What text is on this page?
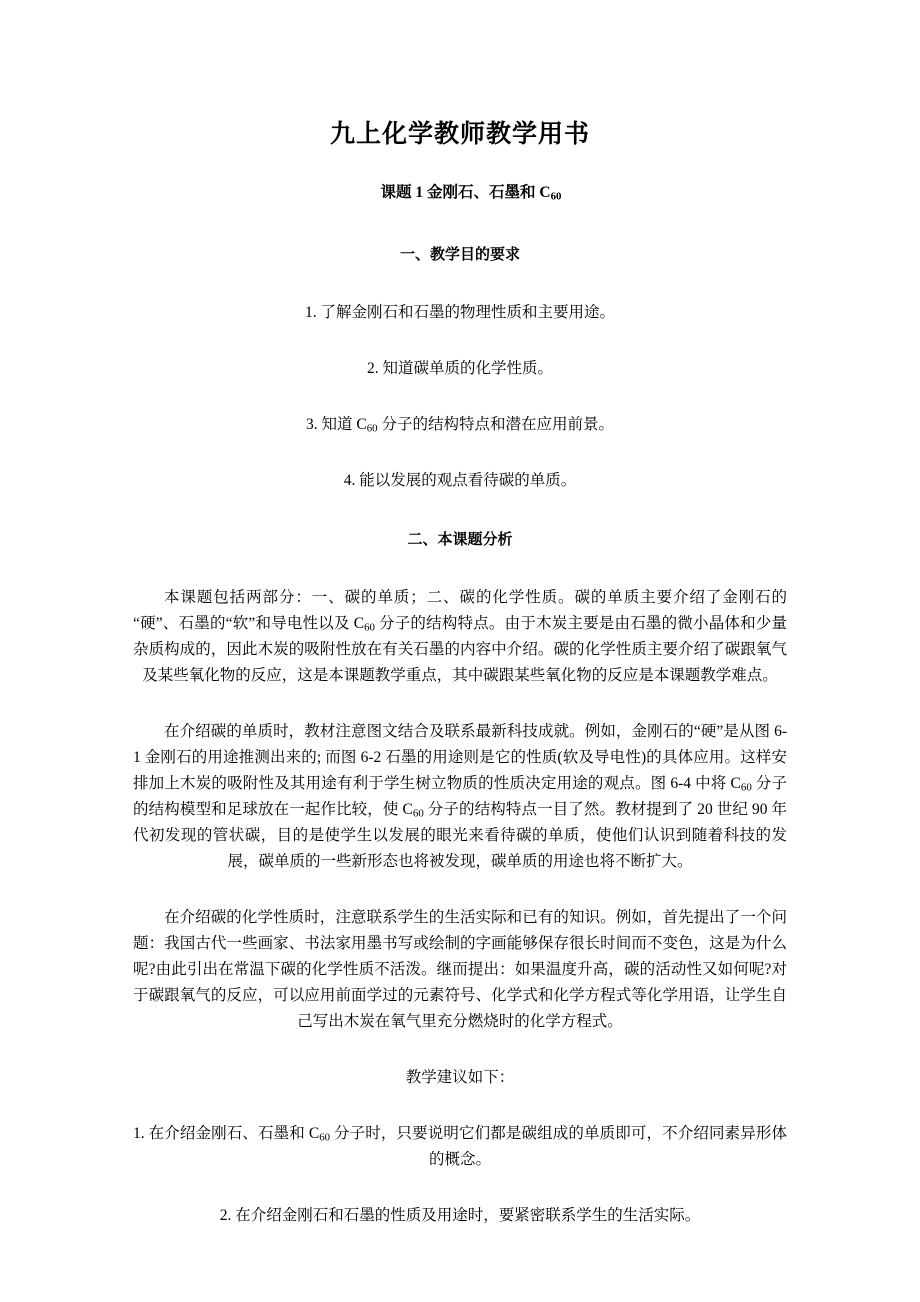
九上化学教师教学用书
课题 1 金刚石、石墨和 $C_{60}$
一、教学目的要求

1. 了解金刚石和石墨的物理性质和主要用途。

2. 知道碳单质的化学性质。

3. 知道 $C_{60}$ 分子的结构特点和潜在应用前景。

4. 能以发展的观点看待碳的单质。

二、本课题分析

本课题包括两部分：一、碳的单质；二、碳的化学性质。碳的单质主要介绍了金刚石的“硬”、石墨的“软”和导电性以及 $C_{60}$ 分子的结构特点。由于木炭主要是由石墨的微小晶体和少量杂质构成的，因此木炭的吸附性放在有关石墨的内容中介绍。碳的化学性质主要介绍了碳跟氧气及某些氧化物的反应，这是本课题教学重点，其中碳跟某些氧化物的反应是本课题教学难点。

在介绍碳的单质时，教材注意图文结合及联系最新科技成就。例如，金刚石的“硬”是从图 6-1 金刚石的用途推测出来的; 而图 6-2 石墨的用途则是它的性质(软及导电性)的具体应用。这样安排加上木炭的吸附性及其用途有利于学生树立物质的性质决定用途的观点。图 6-4 中将 $C_{60}$ 分子的结构模型和足球放在一起作比较，使 $C_{60}$ 分子的结构特点一目了然。教材提到了 20 世纪 90 年代初发现的管状碳，目的是使学生以发展的眼光来看待碳的单质，使他们认识到随着科技的发展，碳单质的一些新形态也将被发现，碳单质的用途也将不断扩大。

在介绍碳的化学性质时，注意联系学生的生活实际和已有的知识。例如，首先提出了一个问题：我国古代一些画家、书法家用墨书写或绘制的字画能够保存很长时间而不变色，这是为什么呢?由此引出在常温下碳的化学性质不活泼。继而提出：如果温度升高，碳的活动性又如何呢?对于碳跟氧气的反应，可以应用前面学过的元素符号、化学式和化学方程式等化学用语，让学生自己写出木炭在氧气里充分燃烧时的化学方程式。

教学建议如下：

1. 在介绍金刚石、石墨和 $C_{60}$ 分子时，只要说明它们都是碳组成的单质即可，不介绍同素异形体的概念。

2. 在介绍金刚石和石墨的性质及用途时，要紧密联系学生的生活实际。
